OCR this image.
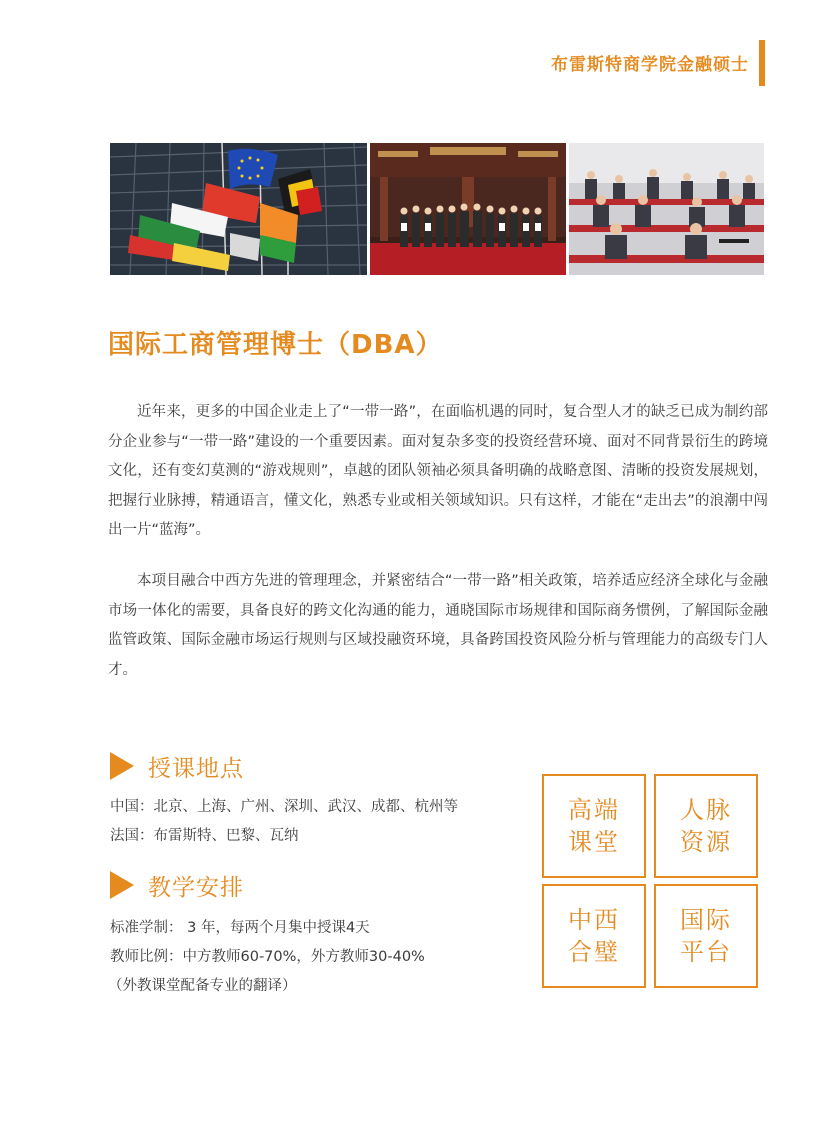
布雷斯特商学院金融硕士
国际工商管理博士（DBA）

近年来，更多的中国企业走上了“一带一路”，在面临机遇的同时，复合型人才的缺乏已成为制约部分企业参与“一带一路”建设的一个重要因素。面对复杂多变的投资经营环境、面对不同背景衍生的跨境文化，还有变幻莫测的“游戏规则”，卓越的团队领袖必须具备明确的战略意图、清晰的投资发展规划，把握行业脉搏，精通语言，懂文化，熟悉专业或相关领域知识。只有这样，才能在“走出去”的浪潮中闯出一片“蓝海”。

本项目融合中西方先进的管理理念，并紧密结合“一带一路”相关政策，培养适应经济全球化与金融市场一体化的需要，具备良好的跨文化沟通的能力，通晓国际市场规律和国际商务惯例，了解国际金融监管政策、国际金融市场运行规则与区域投融资环境，具备跨国投资风险分析与管理能力的高级专门人才。

授课地点
中国：北京、上海、广州、深圳、武汉、成都、杭州等
法国：布雷斯特、巴黎、瓦纳
教学安排
标准学制： 3 年，每两个月集中授课4天
教师比例：中方教师60-70%，外方教师30-40%
（外教课堂配备专业的翻译）
高端
课堂
人脉
资源
中西
合璧
国际
平台
